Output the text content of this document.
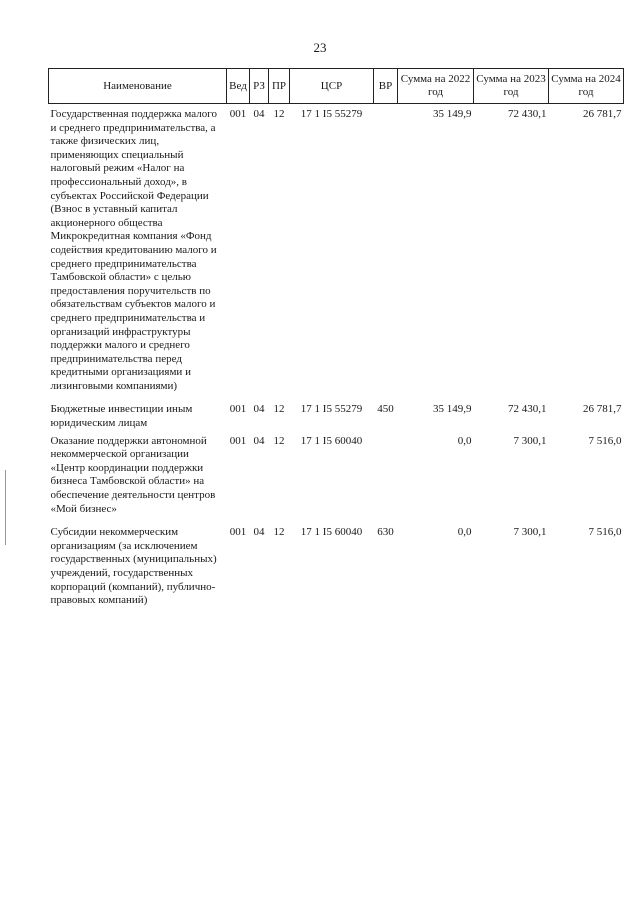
23
Наименование	Вед	РЗ	ПР	ЦСР	ВР	Сумма на 2022 год	Сумма на 2023 год	Сумма на 2024 год
Государственная поддержка малого и среднего предпринимательства, а также физических лиц, применяющих специальный налоговый режим «Налог на профессиональный доход», в субъектах Российской Федерации (Взнос в уставный капитал акционерного общества Микрокредитная компания «Фонд содействия кредитованию малого и среднего предпринимательства Тамбовской области» с целью предоставления поручительств по обязательствам субъектов малого и среднего предпринимательства и организаций инфраструктуры поддержки малого и среднего предпринимательства перед кредитными организациями и лизинговыми компаниями)	001	04	12	17 1 I5 55279		35 149,9	72 430,1	26 781,7
Бюджетные инвестиции иным юридическим лицам	001	04	12	17 1 I5 55279	450	35 149,9	72 430,1	26 781,7
Оказание поддержки автономной некоммерческой организации «Центр координации поддержки бизнеса Тамбовской области» на обеспечение деятельности центров «Мой бизнес»	001	04	12	17 1 I5 60040		0,0	7 300,1	7 516,0
Субсидии некоммерческим организациям (за исключением государственных (муниципальных) учреждений, государственных корпораций (компаний), публично-правовых компаний)	001	04	12	17 1 I5 60040	630	0,0	7 300,1	7 516,0
